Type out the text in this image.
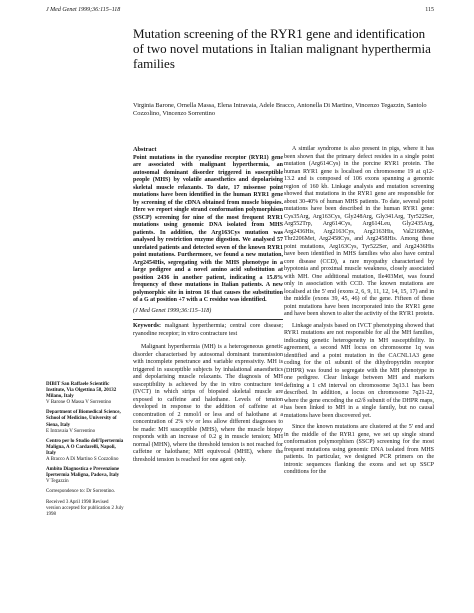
J Med Genet 1999;36:115–118	115
Mutation screening of the RYR1 gene and identification of two novel mutations in Italian malignant hyperthermia families

Virginia Barone, Ornella Massa, Elena Intravaia, Adele Bracco, Antonella Di Martino, Vincenzo Tegazzin, Santolo Cozzolino, Vincenzo Sorrentino

DIBIT San Raffaele Scientific Institute, Via Olgettina 58, 20132 Milano, Italy
V Barone O Massa V Sorrentino

Department of Biomedical Science, School of Medicine, University of Siena, Italy
E Intravaia V Sorrentino

Centro per lo Studio dell'Ipertermia Maligna, A O Cardarelli, Napoli, Italy
A Bracco A Di Martino S Cozzolino

Ambito Diagnostica e Prevenzione Ipertermia Maligna, Padova, Italy
V Tegazzin

Correspondence to: Dr Sorrentino.

Received 3 April 1998 Revised version accepted for publication 2 July 1998

Abstract

Point mutations in the ryanodine receptor (RYR1) gene are associated with malignant hyperthermia, an autosomal dominant disorder triggered in susceptible people (MHS) by volatile anaesthetics and depolarising skeletal muscle relaxants. To date, 17 missense point mutations have been identified in the human RYR1 gene by screening of the cDNA obtained from muscle biopsies. Here we report single strand conformation polymorphism (SSCP) screening for nine of the most frequent RYR1 mutations using genomic DNA isolated from MHS patients. In addition, the Arg163Cys mutation was analysed by restriction enzyme digestion. We analysed 57 unrelated patients and detected seven of the known RYR1 point mutations. Furthermore, we found a new mutation, Arg2454His, segregating with the MHS phenotype in a large pedigree and a novel amino acid substitution at position 2436 in another patient, indicating a 15.8% frequency of these mutations in Italian patients. A new polymorphic site in intron 16 that causes the substitution of a G at position +7 with a C residue was identified.

(J Med Genet 1999;36:115–118)

Keywords: malignant hyperthermia; central core disease; ryanodine receptor; in vitro contracture test

Malignant hyperthermia (MH) is a heterogeneous genetic disorder characterised by autosomal dominant transmission with incomplete penetrance and variable expressivity. MH is triggered in susceptible subjects by inhalational anaesthetics and depolarising muscle relaxants. The diagnosis of MH susceptibility is achieved by the in vitro contracture test (IVCT) in which strips of biopsied skeletal muscle are exposed to caffeine and halothane. Levels of tension developed in response to the addition of caffeine at a concentration of 2 mmol/l or less and of halothane at a concentration of 2% v/v or less allow different diagnoses to be made: MH susceptible (MHS), where the muscle biopsy responds with an increase of 0.2 g in muscle tension; MH normal (MHN), where the threshold tension is not reached for caffeine or halothane; MH equivocal (MHE), where the threshold tension is reached for one agent only.

A similar syndrome is also present in pigs, where it has been shown that the primary defect resides in a single point mutation (Arg614Cys) in the porcine RYR1 protein. The human RYR1 gene is localised on chromosome 19 at q12-13.2 and is composed of 106 exons spanning a genomic region of 160 kb. Linkage analysis and mutation screening showed that mutations in the RYR1 gene are responsible for about 30-40% of human MHS patients. To date, several point mutations have been described in the human RYR1 gene: Cys35Arg, Arg163Cys, Gly248Arg, Gly341Arg, Tyr522Ser, Arg552Trp, Arg614Cys, Arg614Leu, Gly2435Arg, Arg2436His, Arg2163Cys, Arg2163His, Val2168Met, Thr2206Met, Arg2458Cys, and Arg2458His. Among these point mutations, Arg163Cys, Tyr522Ser, and Arg2436His have been identified in MHS families who also have central core disease (CCD), a rare myopathy characterised by hypotonia and proximal muscle weakness, closely associated with MH. One additional mutation, Ile403Met, was found only in association with CCD. The known mutations are localised at the 5' end (exons 2, 6, 9, 11, 12, 14, 15, 17) and in the middle (exons 39, 45, 46) of the gene. Fifteen of these point mutations have been incorporated into the RYR1 gene and have been shown to alter the activity of the RYR1 protein.

Linkage analysis based on IVCT phenotyping showed that RYR1 mutations are not responsible for all the MH families, indicating genetic heterogeneity in MH susceptibility. In agreement, a second MH locus on chromosome 1q was identified and a point mutation in the CACNL1A3 gene coding for the α1 subunit of the dihydropyridin receptor (DHPR) was found to segregate with the MH phenotype in one pedigree. Clear linkage between MH and markers defining a 1 cM interval on chromosome 3q13.1 has been described. In addition, a locus on chromosome 7q21-22, where the gene encoding the α2/δ subunit of the DHPR maps, has been linked to MH in a single family, but no causal mutations have been discovered yet.

Since the known mutations are clustered at the 5' end and in the middle of the RYR1 gene, we set up single strand conformation polymorphism (SSCP) screening for the most frequent mutations using genomic DNA isolated from MHS patients. In particular, we designed PCR primers on the intronic sequences flanking the exons and set up SSCP conditions for the
